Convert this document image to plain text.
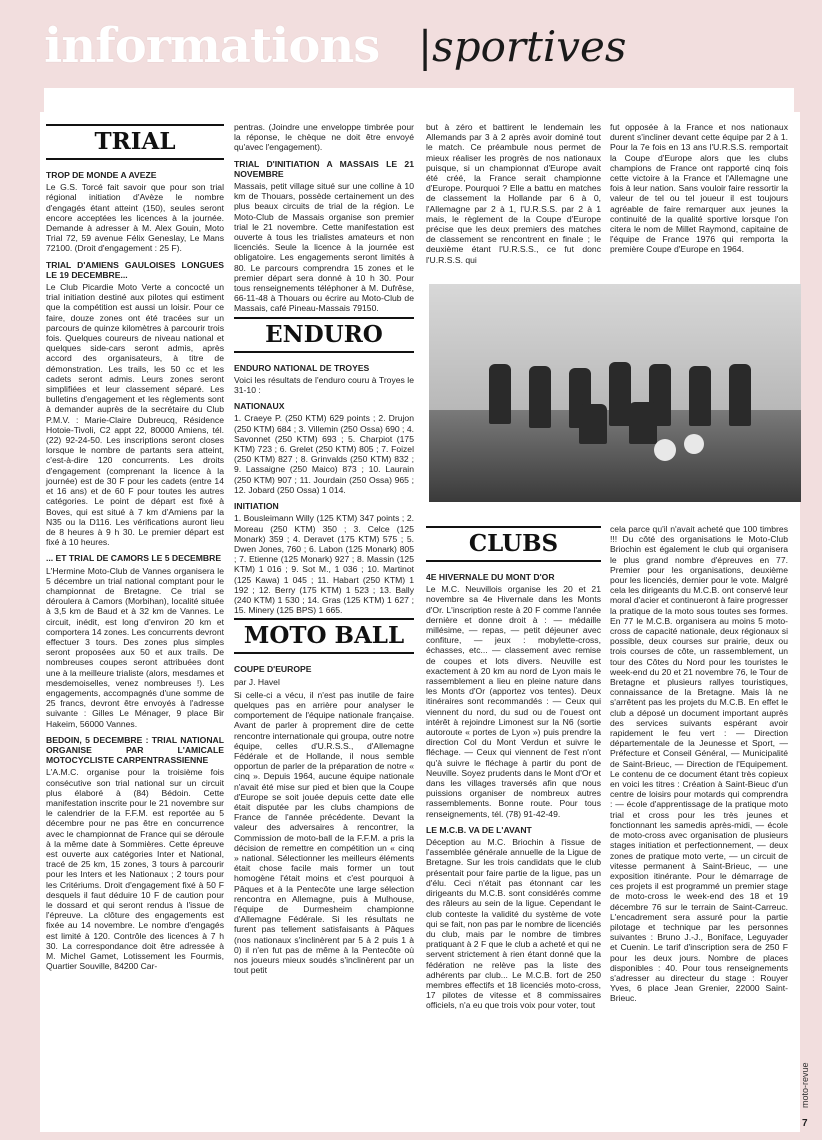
informations |sportives
TRIAL
TROP DE MONDE A AVEZE

Le G.S. Torcé fait savoir que pour son trial régional initiation d'Avèze le nombre d'engagés étant atteint (150), seules seront encore acceptées les licences à la journée. Demande à adresser à M. Alex Gouin, Moto Trial 72, 59 avenue Félix Geneslay, Le Mans 72100. (Droit d'engagement : 25 F).

TRIAL D'AMIENS GAULOISES LONGUES LE 19 DECEMBRE...

Le Club Picardie Moto Verte a concocté un trial initiation destiné aux pilotes qui estiment que la compétition est aussi un loisir. Pour ce faire, douze zones ont été tracées sur un parcours de quinze kilomètres à parcourir trois fois. Quelques coureurs de niveau national et quelques side-cars seront admis, après accord des organisateurs, à titre de démonstration. Les trails, les 50 cc et les cadets seront admis. Leurs zones seront simplifiées et leur classement séparé. Les bulletins d'engagement et les règlements sont à demander auprès de la secrétaire du Club P.M.V. : Marie-Claire Dubreucq, Résidence Hotoie-Tivoli, C2 appt 22, 80000 Amiens, tél. (22) 92-24-50. Les inscriptions seront closes lorsque le nombre de partants sera atteint, c'est-à-dire 120 concurrents. Les droits d'engagement (comprenant la licence à la journée) est de 30 F pour les cadets (entre 14 et 16 ans) et de 60 F pour toutes les autres catégories. Le point de départ est fixé à Boves, qui est situé à 7 km d'Amiens par la N35 ou la D116. Les vérifications auront lieu de 8 heures à 9 h 30. Le premier départ est fixé à 10 heures.

... ET TRIAL DE CAMORS LE 5 DECEMBRE

L'Hermine Moto-Club de Vannes organisera le 5 décembre un trial national comptant pour le championnat de Bretagne. Ce trial se déroulera à Camors (Morbihan), localité située à 3,5 km de Baud et à 32 km de Vannes. Le circuit, inédit, est long d'environ 20 km et comportera 14 zones. Les concurrents devront effectuer 3 tours. Des zones plus simples seront proposées aux 50 et aux trails. De nombreuses coupes seront attribuées dont une à la meilleure trialiste (alors, mesdames et mesdemoiselles, venez nombreuses !). Les engagements, accompagnés d'une somme de 25 francs, devront être envoyés à l'adresse suivante : Gilles Le Ménager, 9 place Bir Hakeim, 56000 Vannes.

BEDOIN, 5 DECEMBRE : TRIAL NATIONAL ORGANISE PAR L'AMICALE MOTOCYCLISTE CARPENTRASSIENNE

L'A.M.C. organise pour la troisième fois consécutive son trial national sur un circuit plus élaboré à (84) Bédoin. Cette manifestation inscrite pour le 21 novembre sur le calendrier de la F.F.M. est reportée au 5 décembre pour ne pas être en concurrence avec le championnat de France qui se déroule à la même date à Sommières. Cette épreuve est ouverte aux catégories Inter et National, tracé de 25 km, 15 zones, 3 tours à parcourir pour les Inters et les Nationaux ; 2 tours pour les Critériums. Droit d'engagement fixé à 50 F desquels il faut déduire 10 F de caution pour le dossard et qui seront rendus à l'issue de l'épreuve. La clôture des engagements est fixée au 14 novembre. Le nombre d'engagés est limité à 120. Contrôle des licences à 7 h 30. La correspondance doit être adressée à M. Michel Gamet, Lotissement les Fourmis, Quartier Souville, 84200 Car-

pentras. (Joindre une enveloppe timbrée pour la réponse, le chèque ne doit être envoyé qu'avec l'engagement).

TRIAL D'INITIATION A MASSAIS LE 21 NOVEMBRE

Massais, petit village situé sur une colline à 10 km de Thouars, possède certainement un des plus beaux circuits de trial de la région. Le Moto-Club de Massais organise son premier trial le 21 novembre. Cette manifestation est ouverte à tous les trialistes amateurs et non licenciés. Seule la licence à la journée est obligatoire. Les engagements seront limités à 80. Le parcours comprendra 15 zones et le premier départ sera donné à 10 h 30. Pour tous renseignements téléphoner à M. Dufrêse, 66-11-48 à Thouars ou écrire au Moto-Club de Massais, café Pineau-Massais 79150.

ENDURO
ENDURO NATIONAL DE TROYES

Voici les résultats de l'enduro couru à Troyes le 31-10 :

NATIONAUX

1. Craeye P. (250 KTM) 629 points ; 2. Drujon (250 KTM) 684 ; 3. Villemin (250 Ossa) 690 ; 4. Savonnet (250 KTM) 693 ; 5. Charpiot (175 KTM) 723 ; 6. Grelet (250 KTM) 805 ; 7. Foizel (250 KTM) 827 ; 8. Grinvalds (250 KTM) 832 ; 9. Lassaigne (250 Maico) 873 ; 10. Laurain (250 KTM) 907 ; 11. Jourdain (250 Ossa) 965 ; 12. Jobard (250 Ossa) 1 014.

INITIATION

1. Bousleimann Willy (125 KTM) 347 points ; 2. Moreau (250 KTM) 350 ; 3. Celce (125 Monark) 359 ; 4. Deravet (175 KTM) 575 ; 5. Dwen Jones, 760 ; 6. Labon (125 Monark) 805 ; 7. Etienne (125 Monark) 927 ; 8. Massin (125 KTM) 1 016 ; 9. Sot M., 1 036 ; 10. Martinot (125 Kawa) 1 045 ; 11. Habart (250 KTM) 1 192 ; 12. Berry (175 KTM) 1 523 ; 13. Bally (240 KTM) 1 530 ; 14. Gras (125 KTM) 1 627 ; 15. Minery (125 BPS) 1 665.

MOTO BALL
COUPE D'EUROPE

par J. Havel

Si celle-ci a vécu, il n'est pas inutile de faire quelques pas en arrière pour analyser le comportement de l'équipe nationale française. Avant de parler à proprement dire de cette rencontre internationale qui groupa, outre notre équipe, celles d'U.R.S.S., d'Allemagne Fédérale et de Hollande, il nous semble opportun de parler de la préparation de notre « cinq ». Depuis 1964, aucune équipe nationale n'avait été mise sur pied et bien que la Coupe d'Europe se soit jouée depuis cette date elle était disputée par les clubs champions de France de l'année précédente. Devant la valeur des adversaires à rencontrer, la Commission de moto-ball de la F.F.M. a pris la décision de remettre en compétition un « cinq » national. Sélectionner les meilleurs éléments était chose facile mais former un tout homogène l'était moins et c'est pourquoi à Pâques et à la Pentecôte une large sélection rencontra en Allemagne, puis à Mulhouse, l'équipe de Durmesheim championne d'Allemagne Fédérale. Si les résultats ne furent pas tellement satisfaisants à Pâques (nos nationaux s'inclinèrent par 5 à 2 puis 1 à 0) il n'en fut pas de même à la Pentecôte où nos joueurs mieux soudés s'inclinèrent par un tout petit

but à zéro et battirent le lendemain les Allemands par 3 à 2 après avoir dominé tout le match. Ce préambule nous permet de mieux réaliser les progrès de nos nationaux puisque, si un championnat d'Europe avait été créé, la France serait championne d'Europe. Pourquoi ? Elle a battu en matches de classement la Hollande par 6 à 0, l'Allemagne par 2 à 1, l'U.R.S.S. par 2 à 1 mais, le règlement de la Coupe d'Europe précise que les deux premiers des matches de classement se rencontrent en finale ; le deuxième étant l'U.R.S.S., ce fut donc l'U.R.S.S. qui

fut opposée à la France et nos nationaux durent s'incliner devant cette équipe par 2 à 1. Pour la 7e fois en 13 ans l'U.R.S.S. remportait la Coupe d'Europe alors que les clubs champions de France ont rapporté cinq fois cette victoire à la France et l'Allemagne une fois à leur nation. Sans vouloir faire ressortir la valeur de tel ou tel joueur il est toujours agréable de faire remarquer aux jeunes la continuité de la qualité sportive lorsque l'on citera le nom de Millet Raymond, capitaine de l'équipe de France 1976 qui remporta la première Coupe d'Europe en 1964.

CLUBS
4E HIVERNALE DU MONT D'OR

Le M.C. Neuvillois organise les 20 et 21 novembre sa 4e Hivernale dans les Monts d'Or. L'inscription reste à 20 F comme l'année dernière et donne droit à : — médaille millésime, — repas, — petit déjeuner avec confiture, — jeux : mobylette-cross, échasses, etc... — classement avec remise de coupes et lots divers. Neuville est exactement à 20 km au nord de Lyon mais le rassemblement a lieu en pleine nature dans les Monts d'Or (apportez vos tentes). Deux itinéraires sont recommandés : — Ceux qui viennent du nord, du sud ou de l'ouest ont intérêt à rejoindre Limonest sur la N6 (sortie autoroute « portes de Lyon ») puis prendre la direction Col du Mont Verdun et suivre le fléchage. — Ceux qui viennent de l'est n'ont qu'à suivre le fléchage à partir du pont de Neuville. Soyez prudents dans le Mont d'Or et dans les villages traversés afin que nous puissions organiser de nombreux autres rassemblements. Bonne route. Pour tous renseignements, tél. (78) 91-42-49.

LE M.C.B. VA DE L'AVANT

Déception au M.C. Briochin à l'issue de l'assemblée générale annuelle de la Ligue de Bretagne. Sur les trois candidats que le club présentait pour faire partie de la ligue, pas un d'élu. Ceci n'était pas étonnant car les dirigeants du M.C.B. sont considérés comme des râleurs au sein de la ligue. Cependant le club conteste la validité du système de vote qui se fait, non pas par le nombre de licenciés du club, mais par le nombre de timbres pratiquant à 2 F que le club a acheté et qui ne servent strictement à rien étant donné que la fédération ne relève pas la liste des adhérents par club... Le M.C.B. fort de 250 membres effectifs et 18 licenciés moto-cross, 17 pilotes de vitesse et 8 commissaires officiels, n'a eu que trois voix pour voter, tout

cela parce qu'il n'avait acheté que 100 timbres !!! Du côté des organisations le Moto-Club Briochin est également le club qui organisera le plus grand nombre d'épreuves en 77. Premier pour les organisations, deuxième pour les licenciés, dernier pour le vote. Malgré cela les dirigeants du M.C.B. ont conservé leur moral d'acier et continueront à faire progresser la pratique de la moto sous toutes ses formes. En 77 le M.C.B. organisera au moins 5 moto-cross de capacité nationale, deux régionaux si possible, deux courses sur prairie, deux ou trois courses de côte, un rassemblement, un tour des Côtes du Nord pour les touristes le week-end du 20 et 21 novembre 76, le Tour de Bretagne et plusieurs rallyes touristiques, connaissance de la Bretagne. Mais là ne s'arrêtent pas les projets du M.C.B. En effet le club a déposé un document important auprès des services suivants espérant avoir rapidement le feu vert : — Direction départementale de la Jeunesse et Sport, — Préfecture et Conseil Général, — Municipalité de Saint-Brieuc, — Direction de l'Equipement. Le contenu de ce document étant très copieux en voici les titres : Création à Saint-Bieuc d'un centre de loisirs pour motards qui comprendra : — école d'apprentissage de la pratique moto trial et cross pour les très jeunes et fonctionnant les samedis après-midi, — école de moto-cross avec organisation de plusieurs stages initiation et perfectionnement, — deux zones de pratique moto verte, — un circuit de vitesse permanent à Saint-Brieuc, — une exposition itinérante. Pour le démarrage de ces projets il est programmé un premier stage de moto-cross le week-end des 18 et 19 décembre 76 sur le terrain de Saint-Carreuc. L'encadrement sera assuré pour la partie pilotage et technique par les personnes suivantes : Bruno J.-J., Boniface, Leguyader et Cuenin. Le tarif d'inscription sera de 250 F pour les deux jours. Nombre de places disponibles : 40. Pour tous renseignements s'adresser au directeur du stage : Rouyer Yves, 6 place Jean Grenier, 22000 Saint-Brieuc.

moto-revue
7
